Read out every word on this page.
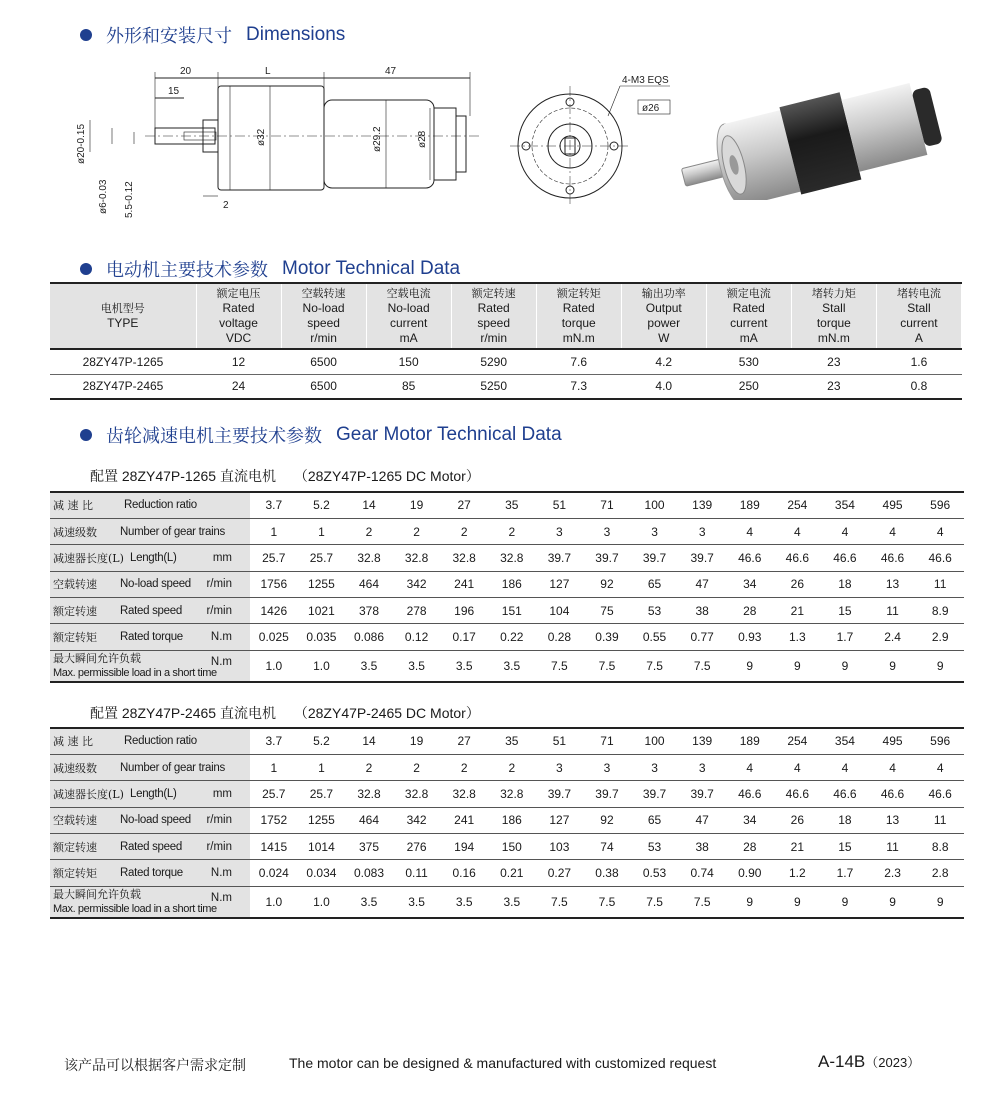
外形和安装尺寸 Dimensions
20	L	47
15
ø32	ø29.2	ø28
ø20-0.15
ø6-0.03 5.5-0.12	2
4-M3 EQS
ø26
电动机主要技术参数 Motor Technical Data
电机型号
TYPE	额定电压
Rated
voltage
VDC	空载转速
No-load
speed
r/min	空载电流
No-load
current
mA	额定转速
Rated
speed
r/min	额定转矩
Rated
torque
mN.m	输出功率
Output
power
W	额定电流
Rated
current
mA	堵转力矩
Stall
torque
mN.m	堵转电流
Stall
current
A

28ZY47P-1265	12	6500	150	5290	7.6	4.2	530	23	1.6
28ZY47P-2465	24	6500	85	5250	7.3	4.0	250	23	0.8
齿轮减速电机主要技术参数 Gear Motor Technical Data
配置 28ZY47P-1265 直流电机 （28ZY47P-1265 DC Motor）
减 速 比 Reduction ratio	3.7	5.2	14	19	27	35	51	71	100	139	189	254	354	495	596
减速级数 Number of gear trains	1	1	2	2	2	2	3	3	3	3	4	4	4	4	4
减速器长度(L) Length(L) mm	25.7	25.7	32.8	32.8	32.8	32.8	39.7	39.7	39.7	39.7	46.6	46.6	46.6	46.6	46.6
空载转速 No-load speed r/min	1756	1255	464	342	241	186	127	92	65	47	34	26	18	13	11
额定转速 Rated speed r/min	1426	1021	378	278	196	151	104	75	53	38	28	21	15	11	8.9
额定转矩 Rated torque N.m	0.025	0.035	0.086	0.12	0.17	0.22	0.28	0.39	0.55	0.77	0.93	1.3	1.7	2.4	2.9

最大瞬间允许负载
Max. permissible load in a short time
N.m	1.0	1.0	3.5	3.5	3.5	3.5	7.5	7.5	7.5	7.5	9	9	9	9	9
配置 28ZY47P-2465 直流电机 （28ZY47P-2465 DC Motor）
减 速 比 Reduction ratio	3.7	5.2	14	19	27	35	51	71	100	139	189	254	354	495	596
减速级数 Number of gear trains	1	1	2	2	2	2	3	3	3	3	4	4	4	4	4
减速器长度(L) Length(L) mm	25.7	25.7	32.8	32.8	32.8	32.8	39.7	39.7	39.7	39.7	46.6	46.6	46.6	46.6	46.6
空载转速 No-load speed r/min	1752	1255	464	342	241	186	127	92	65	47	34	26	18	13	11
额定转速 Rated speed r/min	1415	1014	375	276	194	150	103	74	53	38	28	21	15	11	8.8
额定转矩 Rated torque N.m	0.024	0.034	0.083	0.11	0.16	0.21	0.27	0.38	0.53	0.74	0.90	1.2	1.7	2.3	2.8

最大瞬间允许负载
Max. permissible load in a short time
N.m	1.0	1.0	3.5	3.5	3.5	3.5	7.5	7.5	7.5	7.5	9	9	9	9	9
该产品可以根据客户需求定制	The motor can be designed & manufactured with customized request	A-14B（2023）
